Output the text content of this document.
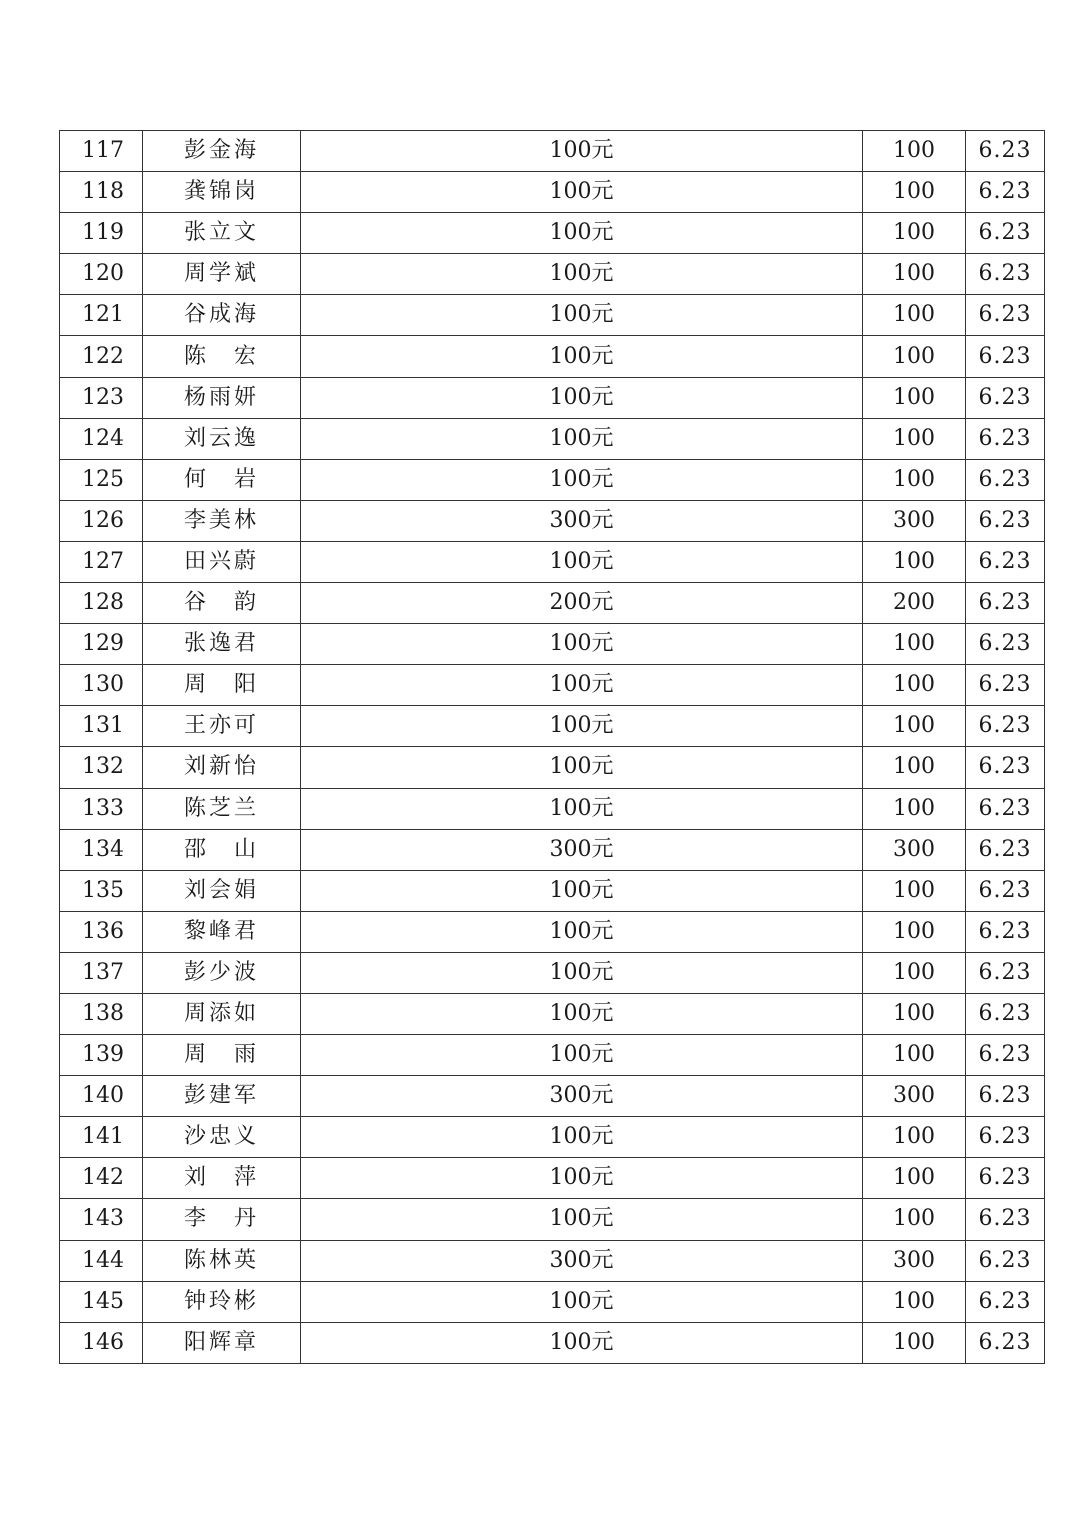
117	彭金海	100元	100	6.23
118	龚锦岗	100元	100	6.23
119	张立文	100元	100	6.23
120	周学斌	100元	100	6.23
121	谷成海	100元	100	6.23
122	陈　宏	100元	100	6.23
123	杨雨妍	100元	100	6.23
124	刘云逸	100元	100	6.23
125	何　岩	100元	100	6.23
126	李美林	300元	300	6.23
127	田兴蔚	100元	100	6.23
128	谷　韵	200元	200	6.23
129	张逸君	100元	100	6.23
130	周　阳	100元	100	6.23
131	王亦可	100元	100	6.23
132	刘新怡	100元	100	6.23
133	陈芝兰	100元	100	6.23
134	邵　山	300元	300	6.23
135	刘会娟	100元	100	6.23
136	黎峰君	100元	100	6.23
137	彭少波	100元	100	6.23
138	周添如	100元	100	6.23
139	周　雨	100元	100	6.23
140	彭建军	300元	300	6.23
141	沙忠义	100元	100	6.23
142	刘　萍	100元	100	6.23
143	李　丹	100元	100	6.23
144	陈林英	300元	300	6.23
145	钟玲彬	100元	100	6.23
146	阳辉章	100元	100	6.23
